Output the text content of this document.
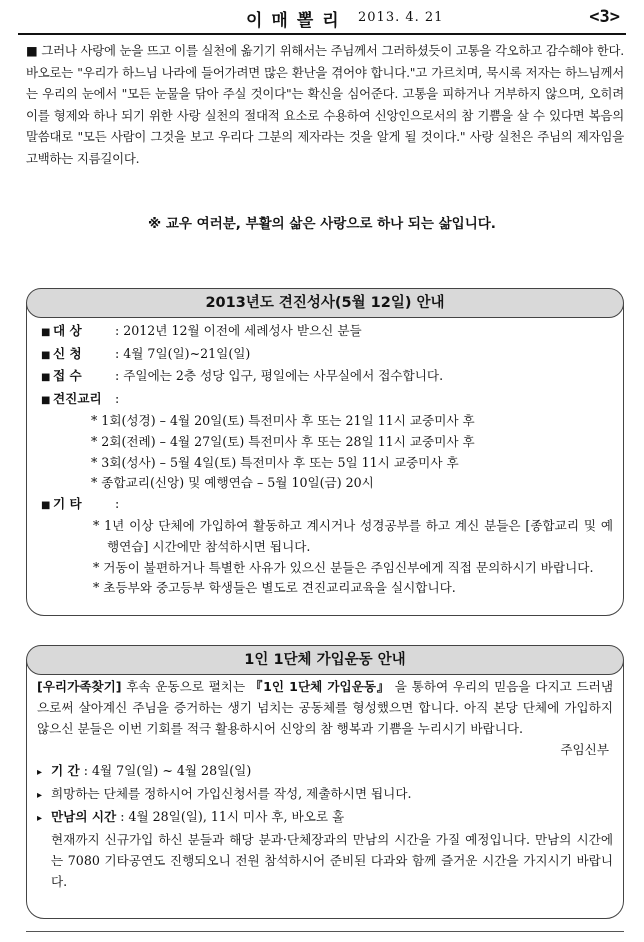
이매뽈리 2013. 4. 21	<3>
■ 그러나 사랑에 눈을 뜨고 이를 실천에 옮기기 위해서는 주님께서 그러하셨듯이 고통을 각오하고 감수해야 한다. 바오로는 "우리가 하느님 나라에 들어가려면 많은 환난을 겪어야 합니다."고 가르치며, 묵시록 저자는 하느님께서는 우리의 눈에서 "모든 눈물을 닦아 주실 것이다"는 확신을 심어준다. 고통을 피하거나 거부하지 않으며, 오히려 이를 형제와 하나 되기 위한 사랑 실천의 절대적 요소로 수용하여 신앙인으로서의 참 기쁨을 살 수 있다면 복음의 말씀대로 "모든 사람이 그것을 보고 우리다 그분의 제자라는 것을 알게 될 것이다." 사랑 실천은 주님의 제자임을 고백하는 지름길이다.
※ 교우 여러분, 부활의 삶은 사랑으로 하나 되는 삶입니다.
2013년도 견진성사(5월 12일) 안내
■ 대 상	: 2012년 12월 이전에 세례성사 받으신 분들
■ 신 청	: 4월 7일(일)~21일(일)
■ 접 수	: 주일에는 2층 성당 입구, 평일에는 사무실에서 접수합니다.
■ 견진교리 :
* 1회(성경) – 4월 20일(토) 특전미사 후 또는 21일 11시 교중미사 후
* 2회(전례) – 4월 27일(토) 특전미사 후 또는 28일 11시 교중미사 후
* 3회(성사) – 5월 4일(토) 특전미사 후 또는 5일 11시 교중미사 후
* 종합교리(신앙) 및 예행연습 – 5월 10일(금) 20시
■ 기 타	:
* 1년 이상 단체에 가입하여 활동하고 계시거나 성경공부를 하고 계신 분들은 [종합교리 및 예행연습] 시간에만 참석하시면 됩니다.
* 거동이 불편하거나 특별한 사유가 있으신 분들은 주임신부에게 직접 문의하시기 바랍니다.
* 초등부와 중고등부 학생들은 별도로 견진교리교육을 실시합니다.
1인 1단체 가입운동 안내
[우리가족찾기] 후속 운동으로 펼치는 『1인 1단체 가입운동』 을 통하여 우리의 믿음을 다지고 드러냄으로써 살아계신 주님을 증거하는 생기 넘치는 공동체를 형성했으면 합니다. 아직 본당 단체에 가입하지 않으신 분들은 이번 기회를 적극 활용하시어 신앙의 참 행복과 기쁨을 누리시기 바랍니다.
주임신부
▸ 기 간 : 4월 7일(일) ~ 4월 28일(일)
▸ 희망하는 단체를 정하시어 가입신청서를 작성, 제출하시면 됩니다.
▸ 만남의 시간 : 4월 28일(일), 11시 미사 후, 바오로 홀
현재까지 신규가입 하신 분들과 해당 분과·단체장과의 만남의 시간을 가질 예정입니다. 만남의 시간에는 7080 기타공연도 진행되오니 전원 참석하시어 준비된 다과와 함께 즐거운 시간을 가지시기 바랍니다.
